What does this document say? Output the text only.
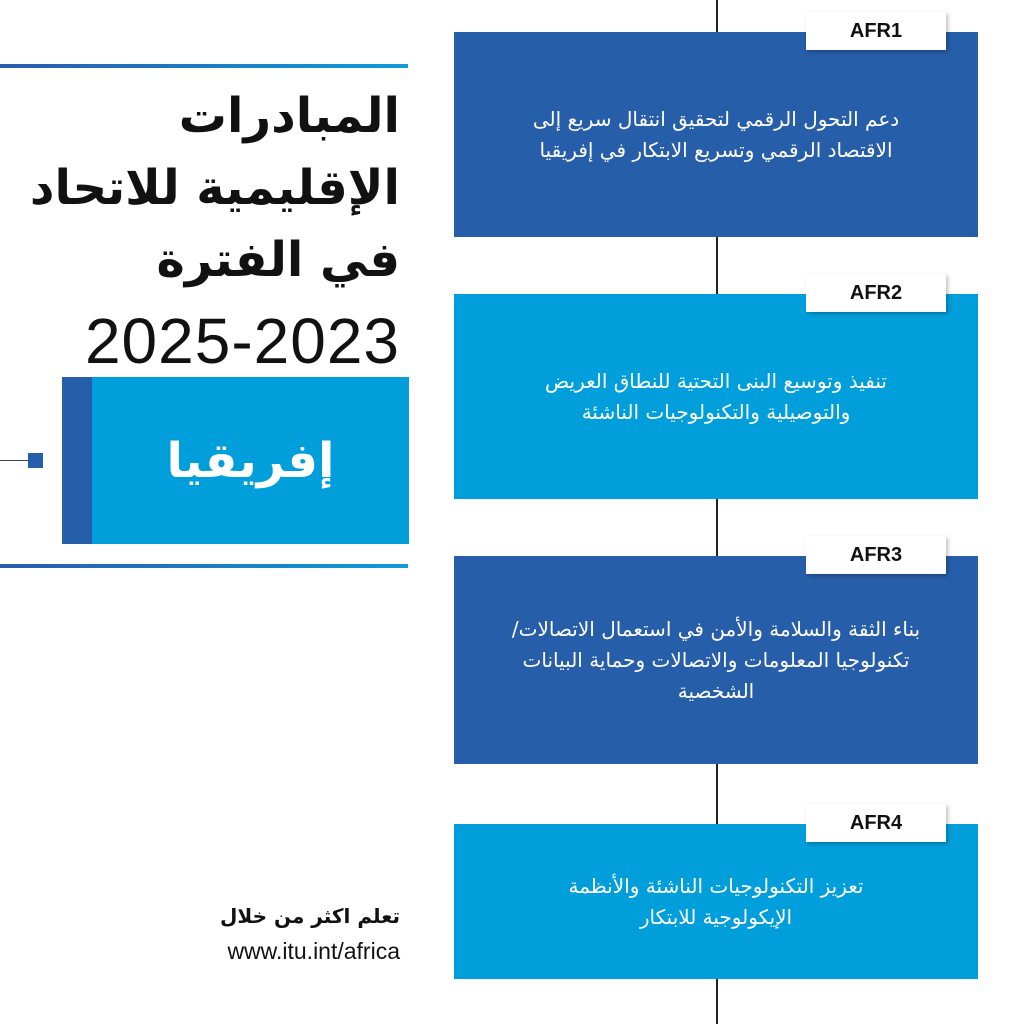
المبادرات
الإقليمية للاتحاد
في الفترة
2025-2023
إفريقيا
AFR1
دعم التحول الرقمي لتحقيق انتقال سريع إلى الاقتصاد الرقمي وتسريع الابتكار في إفريقيا
AFR2
تنفيذ وتوسيع البنى التحتية للنطاق العريض والتوصيلية والتكنولوجيات الناشئة
AFR3
بناء الثقة والسلامة والأمن في استعمال الاتصالات/تكنولوجيا المعلومات والاتصالات وحماية البيانات الشخصية
AFR4
تعزيز التكنولوجيات الناشئة والأنظمة الإيكولوجية للابتكار
تعلم اكثر من خلال
www.itu.int/africa
